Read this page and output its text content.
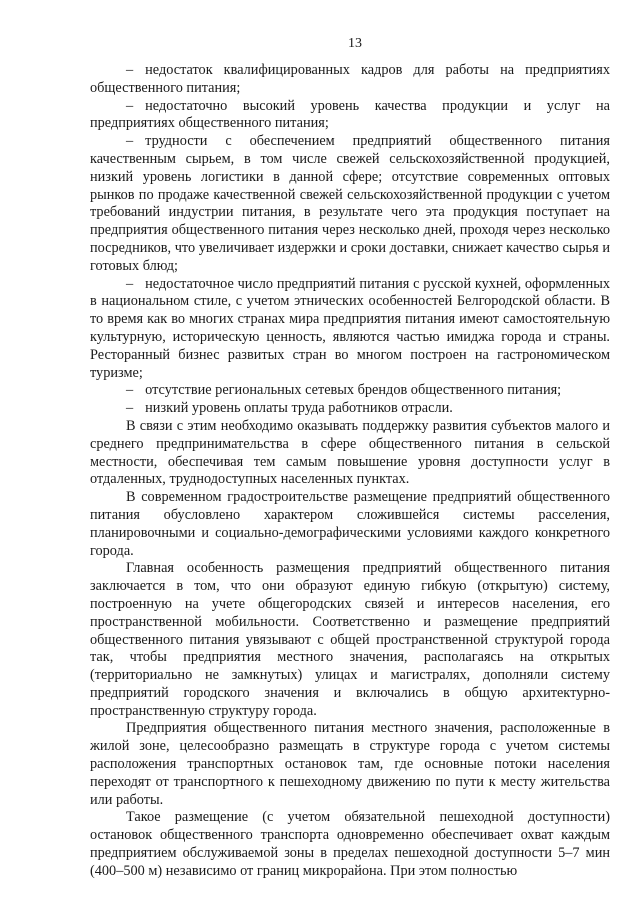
13

– недостаток квалифицированных кадров для работы на предприятиях общественного питания;

– недостаточно высокий уровень качества продукции и услуг на предприятиях общественного питания;

– трудности с обеспечением предприятий общественного питания качественным сырьем, в том числе свежей сельскохозяйственной продукцией, низкий уровень логистики в данной сфере; отсутствие современных оптовых рынков по продаже качественной свежей сельскохозяйственной продукции с учетом требований индустрии питания, в результате чего эта продукция поступает на предприятия общественного питания через несколько дней, проходя через несколько посредников, что увеличивает издержки и сроки доставки, снижает качество сырья и готовых блюд;

– недостаточное число предприятий питания с русской кухней, оформленных в национальном стиле, с учетом этнических особенностей Белгородской области. В то время как во многих странах мира предприятия питания имеют самостоятельную культурную, историческую ценность, являются частью имиджа города и страны. Ресторанный бизнес развитых стран во многом построен на гастрономическом туризме;

– отсутствие региональных сетевых брендов общественного питания;

– низкий уровень оплаты труда работников отрасли.

В связи с этим необходимо оказывать поддержку развития субъектов малого и среднего предпринимательства в сфере общественного питания в сельской местности, обеспечивая тем самым повышение уровня доступности услуг в отдаленных, труднодоступных населенных пунктах.

В современном градостроительстве размещение предприятий общественного питания обусловлено характером сложившейся системы расселения, планировочными и социально-демографическими условиями каждого конкретного города.

Главная особенность размещения предприятий общественного питания заключается в том, что они образуют единую гибкую (открытую) систему, построенную на учете общегородских связей и интересов населения, его пространственной мобильности. Соответственно и размещение предприятий общественного питания увязывают с общей пространственной структурой города так, чтобы предприятия местного значения, располагаясь на открытых (территориально не замкнутых) улицах и магистралях, дополняли систему предприятий городского значения и включались в общую архитектурно-пространственную структуру города.

Предприятия общественного питания местного значения, расположенные в жилой зоне, целесообразно размещать в структуре города с учетом системы расположения транспортных остановок там, где основные потоки населения переходят от транспортного к пешеходному движению по пути к месту жительства или работы.

Такое размещение (с учетом обязательной пешеходной доступности) остановок общественного транспорта одновременно обеспечивает охват каждым предприятием обслуживаемой зоны в пределах пешеходной доступности 5–7 мин (400–500 м) независимо от границ микрорайона. При этом полностью
